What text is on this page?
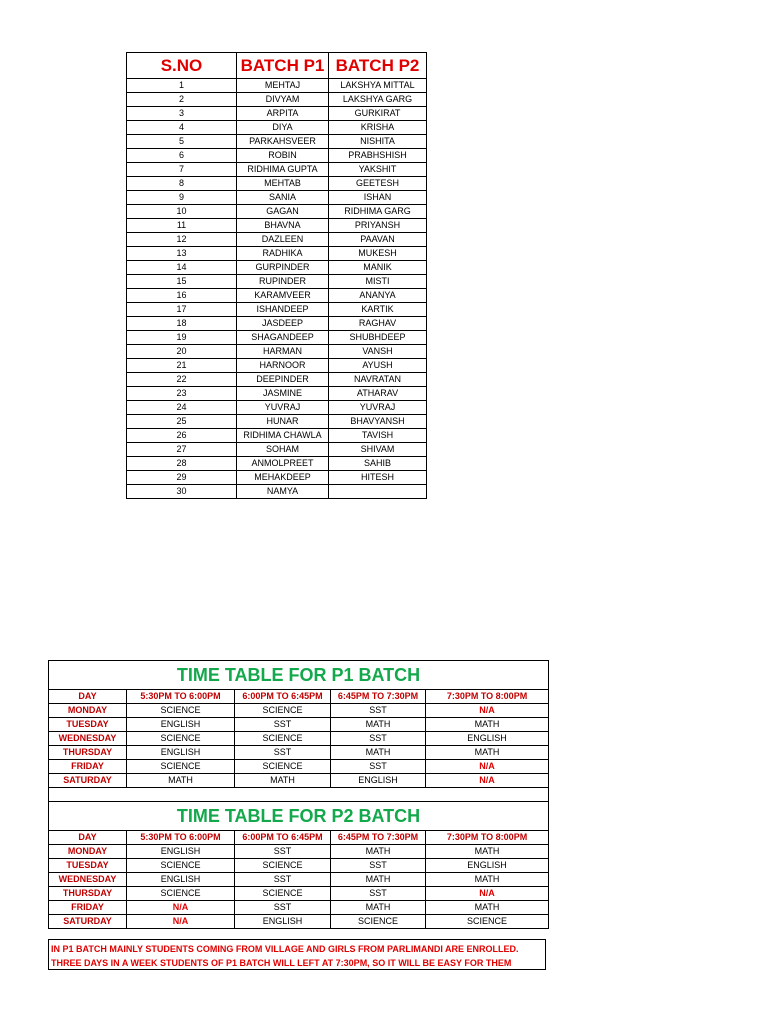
S.NO	BATCH P1	BATCH P2
1	MEHTAJ	LAKSHYA MITTAL
2	DIVYAM	LAKSHYA GARG
3	ARPITA	GURKIRAT
4	DIYA	KRISHA
5	PARKAHSVEER	NISHITA
6	ROBIN	PRABHSHISH
7	RIDHIMA GUPTA	YAKSHIT
8	MEHTAB	GEETESH
9	SANIA	ISHAN
10	GAGAN	RIDHIMA GARG
11	BHAVNA	PRIYANSH
12	DAZLEEN	PAAVAN
13	RADHIKA	MUKESH
14	GURPINDER	MANIK
15	RUPINDER	MISTI
16	KARAMVEER	ANANYA
17	ISHANDEEP	KARTIK
18	JASDEEP	RAGHAV
19	SHAGANDEEP	SHUBHDEEP
20	HARMAN	VANSH
21	HARNOOR	AYUSH
22	DEEPINDER	NAVRATAN
23	JASMINE	ATHARAV
24	YUVRAJ	YUVRAJ
25	HUNAR	BHAVYANSH
26	RIDHIMA CHAWLA	TAVISH
27	SOHAM	SHIVAM
28	ANMOLPREET	SAHIB
29	MEHAKDEEP	HITESH
30	NAMYA	
TIME TABLE FOR P1 BATCH				
DAY	5:30PM TO 6:00PM	6:00PM TO 6:45PM	6:45PM TO 7:30PM	7:30PM TO 8:00PM
MONDAY	SCIENCE	SCIENCE	SST	N/A
TUESDAY	ENGLISH	SST	MATH	MATH
WEDNESDAY	SCIENCE	SCIENCE	SST	ENGLISH
THURSDAY	ENGLISH	SST	MATH	MATH
FRIDAY	SCIENCE	SCIENCE	SST	N/A
SATURDAY	MATH	MATH	ENGLISH	N/A

TIME TABLE FOR P2 BATCH				
DAY	5:30PM TO 6:00PM	6:00PM TO 6:45PM	6:45PM TO 7:30PM	7:30PM TO 8:00PM
MONDAY	ENGLISH	SST	MATH	MATH
TUESDAY	SCIENCE	SCIENCE	SST	ENGLISH
WEDNESDAY	ENGLISH	SST	MATH	MATH
THURSDAY	SCIENCE	SCIENCE	SST	N/A
FRIDAY	N/A	SST	MATH	MATH
SATURDAY	N/A	ENGLISH	SCIENCE	SCIENCE
IN P1 BATCH MAINLY STUDENTS COMING FROM VILLAGE AND GIRLS FROM PARLIMANDI ARE ENROLLED.
THREE DAYS IN A WEEK STUDENTS OF P1 BATCH WILL LEFT AT 7:30PM, SO IT WILL BE EASY FOR THEM
